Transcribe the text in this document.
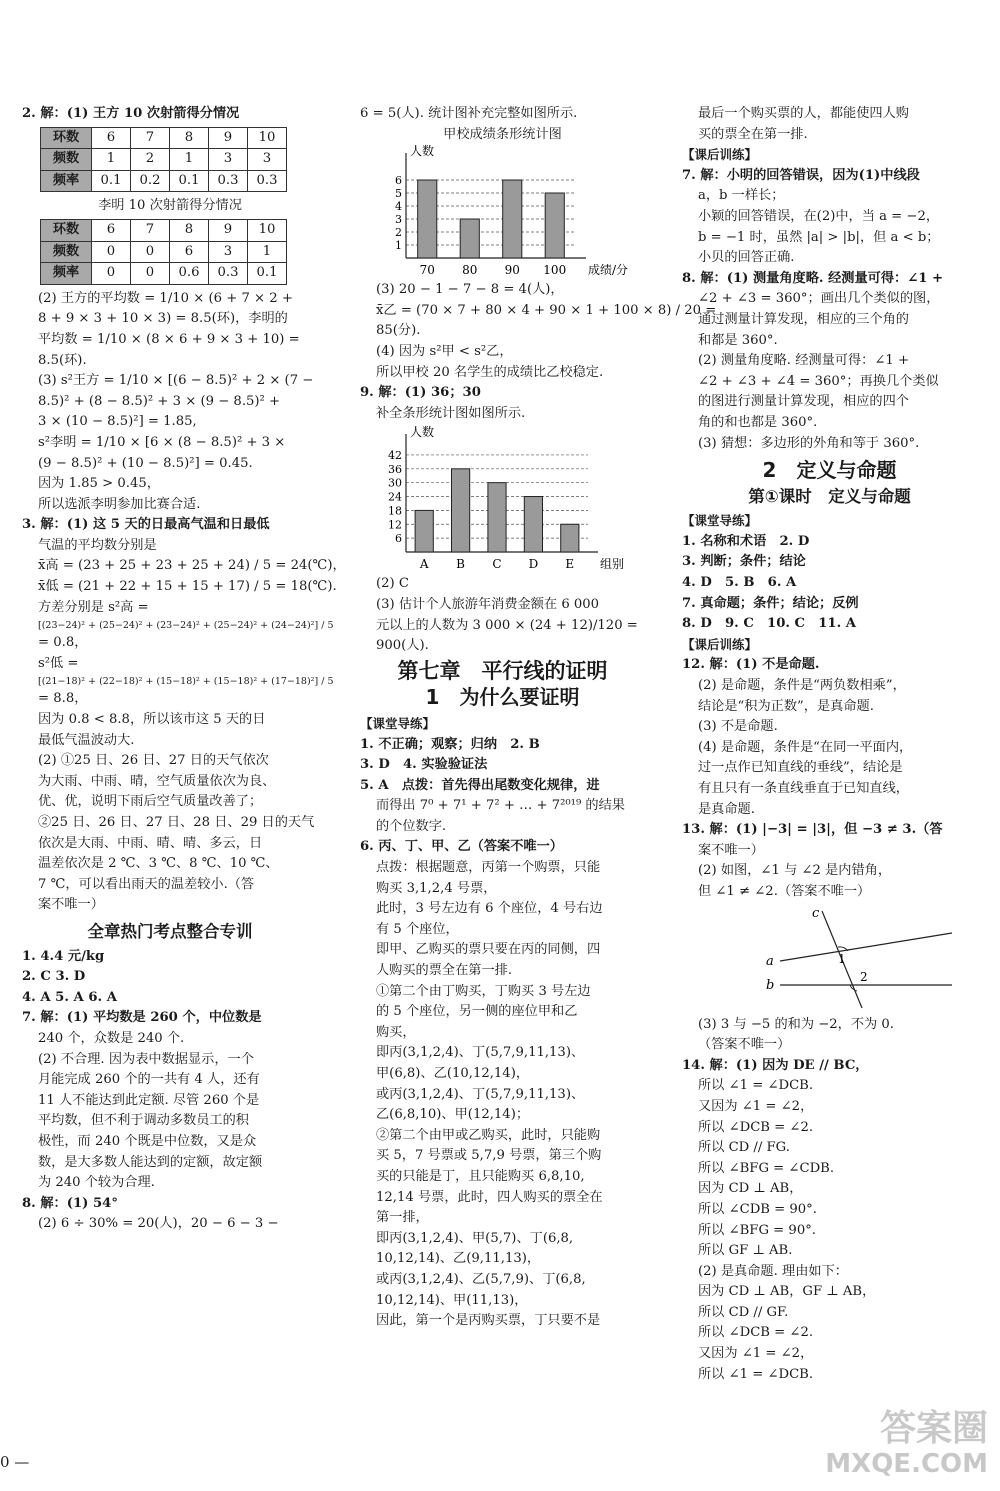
2. 解：(1) 王方 10 次射箭得分情况
环数	6	7	8	9	10
频数	1	2	1	3	3
频率	0.1	0.2	0.1	0.3	0.3
李明 10 次射箭得分情况
环数	6	7	8	9	10
频数	0	0	6	3	1
频率	0	0	0.6	0.3	0.1
(2) 王方的平均数 = 1/10 × (6 + 7 × 2 +
8 + 9 × 3 + 10 × 3) = 8.5(环)，李明的
平均数 = 1/10 × (8 × 6 + 9 × 3 + 10) =
8.5(环).
(3) s²王方 = 1/10 × [(6 − 8.5)² + 2 × (7 −
8.5)² + (8 − 8.5)² + 3 × (9 − 8.5)² +
3 × (10 − 8.5)²] = 1.85,
s²李明 = 1/10 × [6 × (8 − 8.5)² + 3 ×
(9 − 8.5)² + (10 − 8.5)²] = 0.45.
因为 1.85 > 0.45，
所以选派李明参加比赛合适.
3. 解：(1) 这 5 天的日最高气温和日最低
气温的平均数分别是
x̄高 = (23 + 25 + 23 + 25 + 24) / 5 = 24(℃)，
x̄低 = (21 + 22 + 15 + 15 + 17) / 5 = 18(℃).
方差分别是 s²高 =
[(23−24)² + (25−24)² + (23−24)² + (25−24)² + (24−24)²] / 5
= 0.8，
s²低 =
[(21−18)² + (22−18)² + (15−18)² + (15−18)² + (17−18)²] / 5
= 8.8，
因为 0.8 < 8.8，所以该市这 5 天的日
最低气温波动大.
(2) ①25 日、26 日、27 日的天气依次
为大雨、中雨、晴，空气质量依次为良、
优、优，说明下雨后空气质量改善了；
②25 日、26 日、27 日、28 日、29 日的天气
依次是大雨、中雨、晴、晴、多云，日
温差依次是 2 ℃、3 ℃、8 ℃、10 ℃、
7 ℃，可以看出雨天的温差较小.（答
案不唯一）
全章热门考点整合专训
1. 4.4 元/kg
2. C 3. D
4. A 5. A 6. A
7. 解：(1) 平均数是 260 个，中位数是
240 个，众数是 240 个.
(2) 不合理. 因为表中数据显示，一个
月能完成 260 个的一共有 4 人，还有
11 人不能达到此定额. 尽管 260 个是
平均数，但不利于调动多数员工的积
极性，而 240 个既是中位数，又是众
数，是大多数人能达到的定额，故定额
为 240 个较为合理.
8. 解：(1) 54°
(2) 6 ÷ 30% = 20(人)，20 − 6 − 3 −
0 —
6 = 5(人). 统计图补充完整如图所示.
甲校成绩条形统计图
1
2
3
4
5
6
人数
成绩/分
70 80 90 100
(3) 20 − 1 − 7 − 8 = 4(人)，
x̄乙 = (70 × 7 + 80 × 4 + 90 × 1 + 100 × 8) / 20 =
85(分).
(4) 因为 s²甲 < s²乙，
所以甲校 20 名学生的成绩比乙校稳定.
9. 解：(1) 36；30
补全条形统计图如图所示.
6
12
18
24
30
36
42
人数
组别
A B C D E
(2) C
(3) 估计个人旅游年消费金额在 6 000
元以上的人数为 3 000 × (24 + 12)/120 =
900(人).
第七章　平行线的证明
1　为什么要证明
【课堂导练】
1. 不正确；观察；归纳　2. B
3. D　4. 实验验证法
5. A　点拨：首先得出尾数变化规律，进
而得出 7⁰ + 7¹ + 7² + … + 7²⁰¹⁹ 的结果
的个位数字.
6. 丙、丁、甲、乙（答案不唯一）
点拨：根据题意，丙第一个购票，只能
购买 3,1,2,4 号票，
此时，3 号左边有 6 个座位，4 号右边
有 5 个座位，
即甲、乙购买的票只要在丙的同侧，四
人购买的票全在第一排.
①第二个由丁购买，丁购买 3 号左边
的 5 个座位，另一侧的座位甲和乙
购买，
即丙(3,1,2,4)、丁(5,7,9,11,13)、
甲(6,8)、乙(10,12,14)，
或丙(3,1,2,4)、丁(5,7,9,11,13)、
乙(6,8,10)、甲(12,14)；
②第二个由甲或乙购买，此时，只能购
买 5，7 号票或 5,7,9 号票，第三个购
买的只能是丁，且只能购买 6,8,10,
12,14 号票，此时，四人购买的票全在
第一排，
即丙(3,1,2,4)、甲(5,7)、丁(6,8,
10,12,14)、乙(9,11,13)，
或丙(3,1,2,4)、乙(5,7,9)、丁(6,8,
10,12,14)、甲(11,13)，
因此，第一个是丙购买票，丁只要不是
最后一个购买票的人，都能使四人购
买的票全在第一排.
【课后训练】
7. 解：小明的回答错误，因为(1)中线段
a，b 一样长；
小颖的回答错误，在(2)中，当 a = −2，
b = −1 时，虽然 |a| > |b|，但 a < b；
小贝的回答正确.
8. 解：(1) 测量角度略. 经测量可得：∠1 +
∠2 + ∠3 = 360°；画出几个类似的图，
通过测量计算发现，相应的三个角的
和都是 360°.
(2) 测量角度略. 经测量可得：∠1 +
∠2 + ∠3 + ∠4 = 360°；再换几个类似
的图进行测量计算发现，相应的四个
角的和也都是 360°.
(3) 猜想：多边形的外角和等于 360°.
2　定义与命题
第①课时　定义与命题
【课堂导练】
1. 名称和术语　2. D
3. 判断；条件；结论
4. D　5. B　6. A
7. 真命题；条件；结论；反例
8. D　9. C　10. C　11. A
【课后训练】
12. 解：(1) 不是命题.
(2) 是命题，条件是“两负数相乘”，
结论是“积为正数”，是真命题.
(3) 不是命题.
(4) 是命题，条件是“在同一平面内，
过一点作已知直线的垂线”，结论是
有且只有一条直线垂直于已知直线，
是真命题.
13. 解：(1) |−3| = |3|，但 −3 ≠ 3.（答
案不唯一）
(2) 如图，∠1 与 ∠2 是内错角，
但 ∠1 ≠ ∠2.（答案不唯一）
c
a
b
1
2
(3) 3 与 −5 的和为 −2，不为 0.
（答案不唯一）
14. 解：(1) 因为 DE // BC，
所以 ∠1 = ∠DCB.
又因为 ∠1 = ∠2，
所以 ∠DCB = ∠2.
所以 CD // FG.
所以 ∠BFG = ∠CDB.
因为 CD ⊥ AB，
所以 ∠CDB = 90°.
所以 ∠BFG = 90°.
所以 GF ⊥ AB.
(2) 是真命题. 理由如下：
因为 CD ⊥ AB，GF ⊥ AB，
所以 CD // GF.
所以 ∠DCB = ∠2.
又因为 ∠1 = ∠2，
所以 ∠1 = ∠DCB.
答案圈
MXQE.COM
